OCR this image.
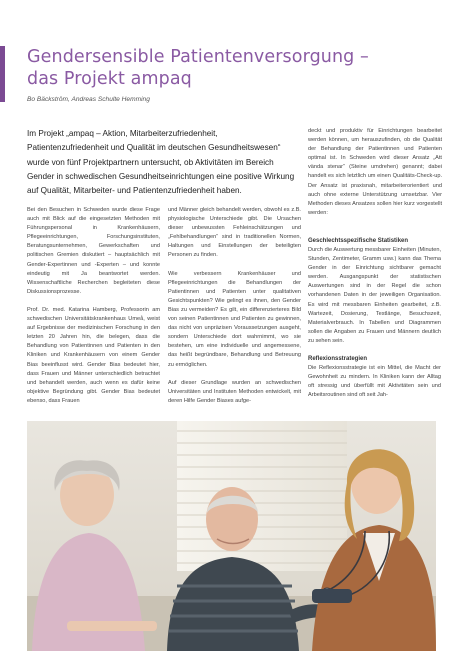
Gendersensible Patientenversorgung –
das Projekt ampaq
Bo Bäckström, Andreas Schulte Hemming

Im Projekt „ampaq – Aktion, Mitarbeiterzufriedenheit, Patientenzufriedenheit und Qualität im deutschen Gesundheitswesen“ wurde von fünf Projektpartnern untersucht, ob Aktivitäten im Bereich Gender in schwedischen Gesundheitseinrichtungen eine positive Wirkung auf Qualität, Mitarbeiter- und Patientenzufriedenheit haben.

deckt und produktiv für Einrichtungen bearbeitet werden können, um herauszufinden, ob die Qualität der Behandlung der Patientinnen und Patienten optimal ist. In Schweden wird dieser Ansatz „Att vända stenar“ (Steine umdrehen) genannt; dabei handelt es sich letztlich um einen Qualitäts-Check-up. Der Ansatz ist praxisnah, mitarbeiterorientiert und auch ohne externe Unterstützung umsetzbar. Vier Methoden dieses Ansatzes sollen hier kurz vorgestellt werden:

Bei den Besuchen in Schweden wurde diese Frage auch mit Blick auf die eingesetzten Methoden mit Führungspersonal in Krankenhäusern, Pflegeeinrichtungen, Forschungsinstituten, Beratungsunternehmen, Gewerkschaften und politischen Gremien diskutiert – hauptsächlich mit Gender-Expertinnen und -Experten – und konnte eindeutig mit Ja beantwortet werden. Wissenschaftliche Recherchen begleiteten diese Diskussionsprozesse.

Prof. Dr. med. Katarina Hamberg, Professorin am schwedischen Universitätskrankenhaus Umeå, weist auf Ergebnisse der medizinischen Forschung in den letzten 20 Jahren hin, die belegen, dass die Behandlung von Patientinnen und Patienten in den Kliniken und Krankenhäusern von einem Gender Bias beeinflusst wird. Gender Bias bedeutet hier, dass Frauen und Männer unterschiedlich betrachtet und behandelt werden, auch wenn es dafür keine objektive Begründung gibt. Gender Bias bedeutet ebenso, dass Frauen

und Männer gleich behandelt werden, obwohl es z.B. physiologische Unterschiede gibt. Die Ursachen dieser unbewussten Fehleinschätzungen und „Fehlbehandlungen“ sind in traditionellen Normen, Haltungen und Einstellungen der beteiligten Personen zu finden.

Wie verbessern Krankenhäuser und Pflegeeinrichtungen die Behandlungen der Patientinnen und Patienten unter qualitativen Gesichtspunkten? Wie gelingt es ihnen, den Gender Bias zu vermeiden? Es gilt, ein differenzierteres Bild von seinen Patientinnen und Patienten zu gewinnen, das nicht von unpräzisen Voraussetzungen ausgeht, sondern Unterschiede dort wahrnimmt, wo sie bestehen, um eine individuelle und angemessene, das heißt begründbare, Behandlung und Betreuung zu ermöglichen.

Auf dieser Grundlage wurden an schwedischen Universitäten und Instituten Methoden entwickelt, mit deren Hilfe Gender Biases aufge-

Geschlechtsspezifische Statistiken

Durch die Auswertung messbarer Einheiten (Minuten, Stunden, Zentimeter, Gramm usw.) kann das Thema Gender in der Einrichtung sichtbarer gemacht werden. Ausgangspunkt der statistischen Auswertungen sind in der Regel die schon vorhandenen Daten in der jeweiligen Organisation. Es wird mit messbaren Einheiten gearbeitet, z.B. Wartezeit, Dosierung, Testlänge, Besuchszeit, Materialverbrauch. In Tabellen und Diagrammen sollen die Angaben zu Frauen und Männern deutlich zu sehen sein.

Reflexionsstrategien

Die Reflexionsstrategie ist ein Mittel, die Macht der Gewohnheit zu mindern. In Kliniken kann der Alltag oft stressig und überfüllt mit Aktivitäten sein und Arbeitsroutinen sind oft seit Jah-
